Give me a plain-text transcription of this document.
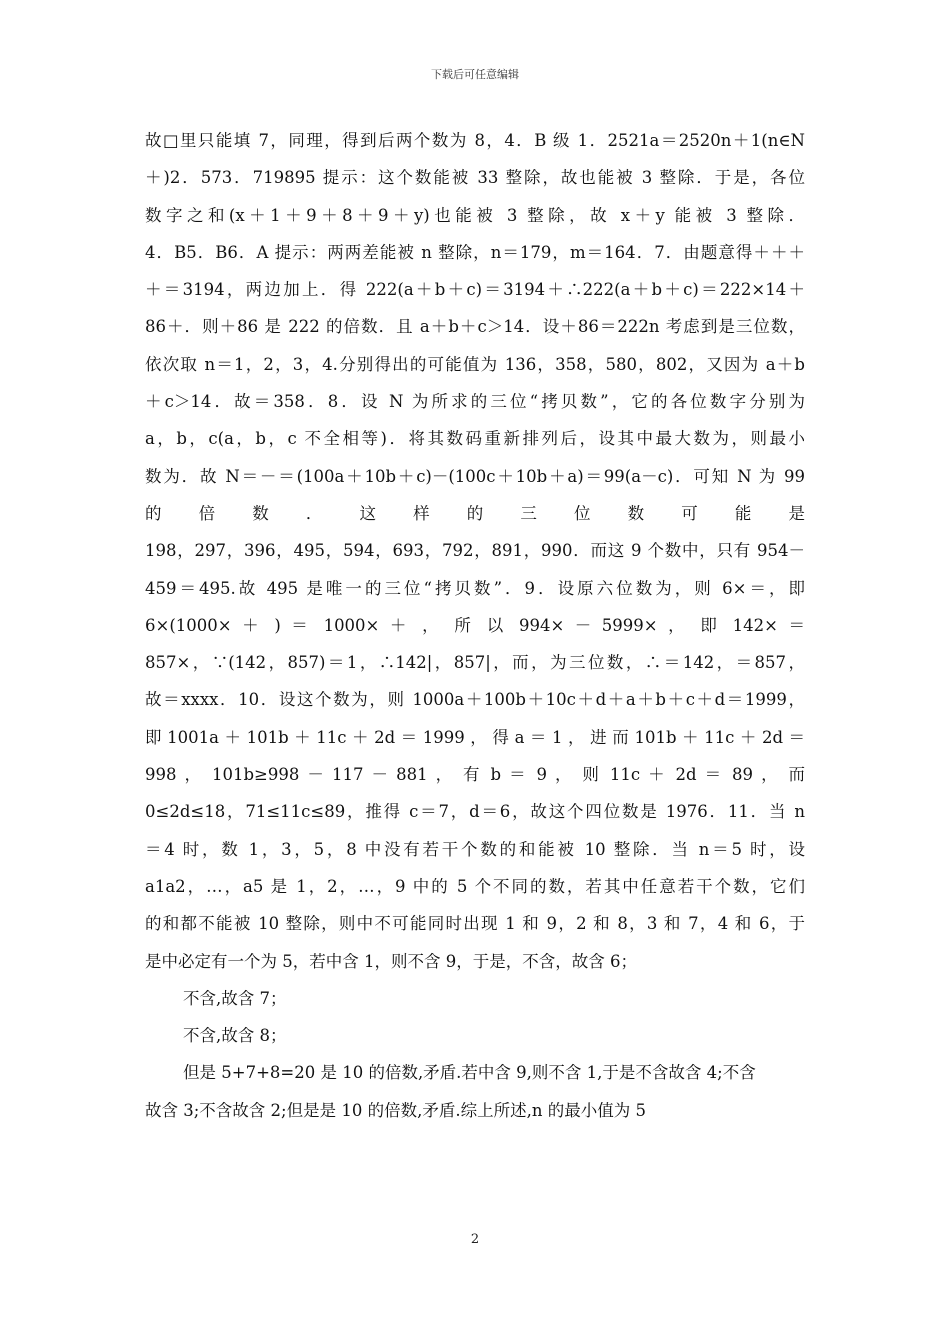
下载后可任意编辑
故□里只能填 7，同理，得到后两个数为 8，4．B 级 1．2521a＝2520n＋1(n∈N
＋)2．573．719895 提示：这个数能被 33 整除，故也能被 3 整除．于是，各位
数字之和(x＋1＋9＋8＋9＋y)也能被 3 整除，故 x＋y 能被 3 整除．
4．B5．B6．A 提示：两两差能被 n 整除，n＝179，m＝164．7．由题意得＋＋＋
＋＝3194，两边加上．得 222(a＋b＋c)＝3194＋∴222(a＋b＋c)＝222×14＋
86＋．则＋86 是 222 的倍数．且 a＋b＋c＞14．设＋86＝222n 考虑到是三位数，
依次取 n＝1，2，3，4.分别得出的可能值为 136，358，580，802，又因为 a＋b
＋c＞14．故＝358．8．设 N 为所求的三位“拷贝数”，它的各位数字分别为
a，b，c(a，b，c 不全相等)．将其数码重新排列后，设其中最大数为，则最小
数为．故 N＝－＝(100a＋10b＋c)－(100c＋10b＋a)＝99(a－c)．可知 N 为 99
的 倍 数 ． 这 样 的 三 位 数 可 能 是
198，297，396，495，594，693，792，891，990．而这 9 个数中，只有 954－
459＝495.故 495 是唯一的三位“拷贝数”．9．设原六位数为，则 6×＝，即
6×(1000× ＋ ) ＝ 1000× ＋ ， 所 以 994× － 5999× ， 即 142× ＝
857×，∵(142，857)＝1，∴142|，857|，而，为三位数，∴＝142，＝857，
故＝xxxx．10．设这个数为，则 1000a＋100b＋10c＋d＋a＋b＋c＋d＝1999，
即 1001a ＋ 101b ＋ 11c ＋ 2d ＝ 1999 ， 得 a ＝ 1 ， 进 而 101b ＋ 11c ＋ 2d ＝
998 ， 101b≥998 － 117 － 881 ， 有 b ＝ 9 ， 则 11c ＋ 2d ＝ 89 ， 而
0≤2d≤18，71≤11c≤89，推得 c＝7，d＝6，故这个四位数是 1976．11．当 n
＝4 时，数 1，3，5，8 中没有若干个数的和能被 10 整除．当 n＝5 时，设
a1a2，…，a5 是 1，2，…，9 中的 5 个不同的数，若其中任意若干个数，它们
的和都不能被 10 整除，则中不可能同时出现 1 和 9，2 和 8，3 和 7，4 和 6，于
是中必定有一个为 5，若中含 1，则不含 9，于是，不含，故含 6；
不含,故含 7；
不含,故含 8；
但是 5+7+8=20 是 10 的倍数,矛盾.若中含 9,则不含 1,于是不含故含 4;不含
故含 3;不含故含 2;但是是 10 的倍数,矛盾.综上所述,n 的最小值为 5
2
